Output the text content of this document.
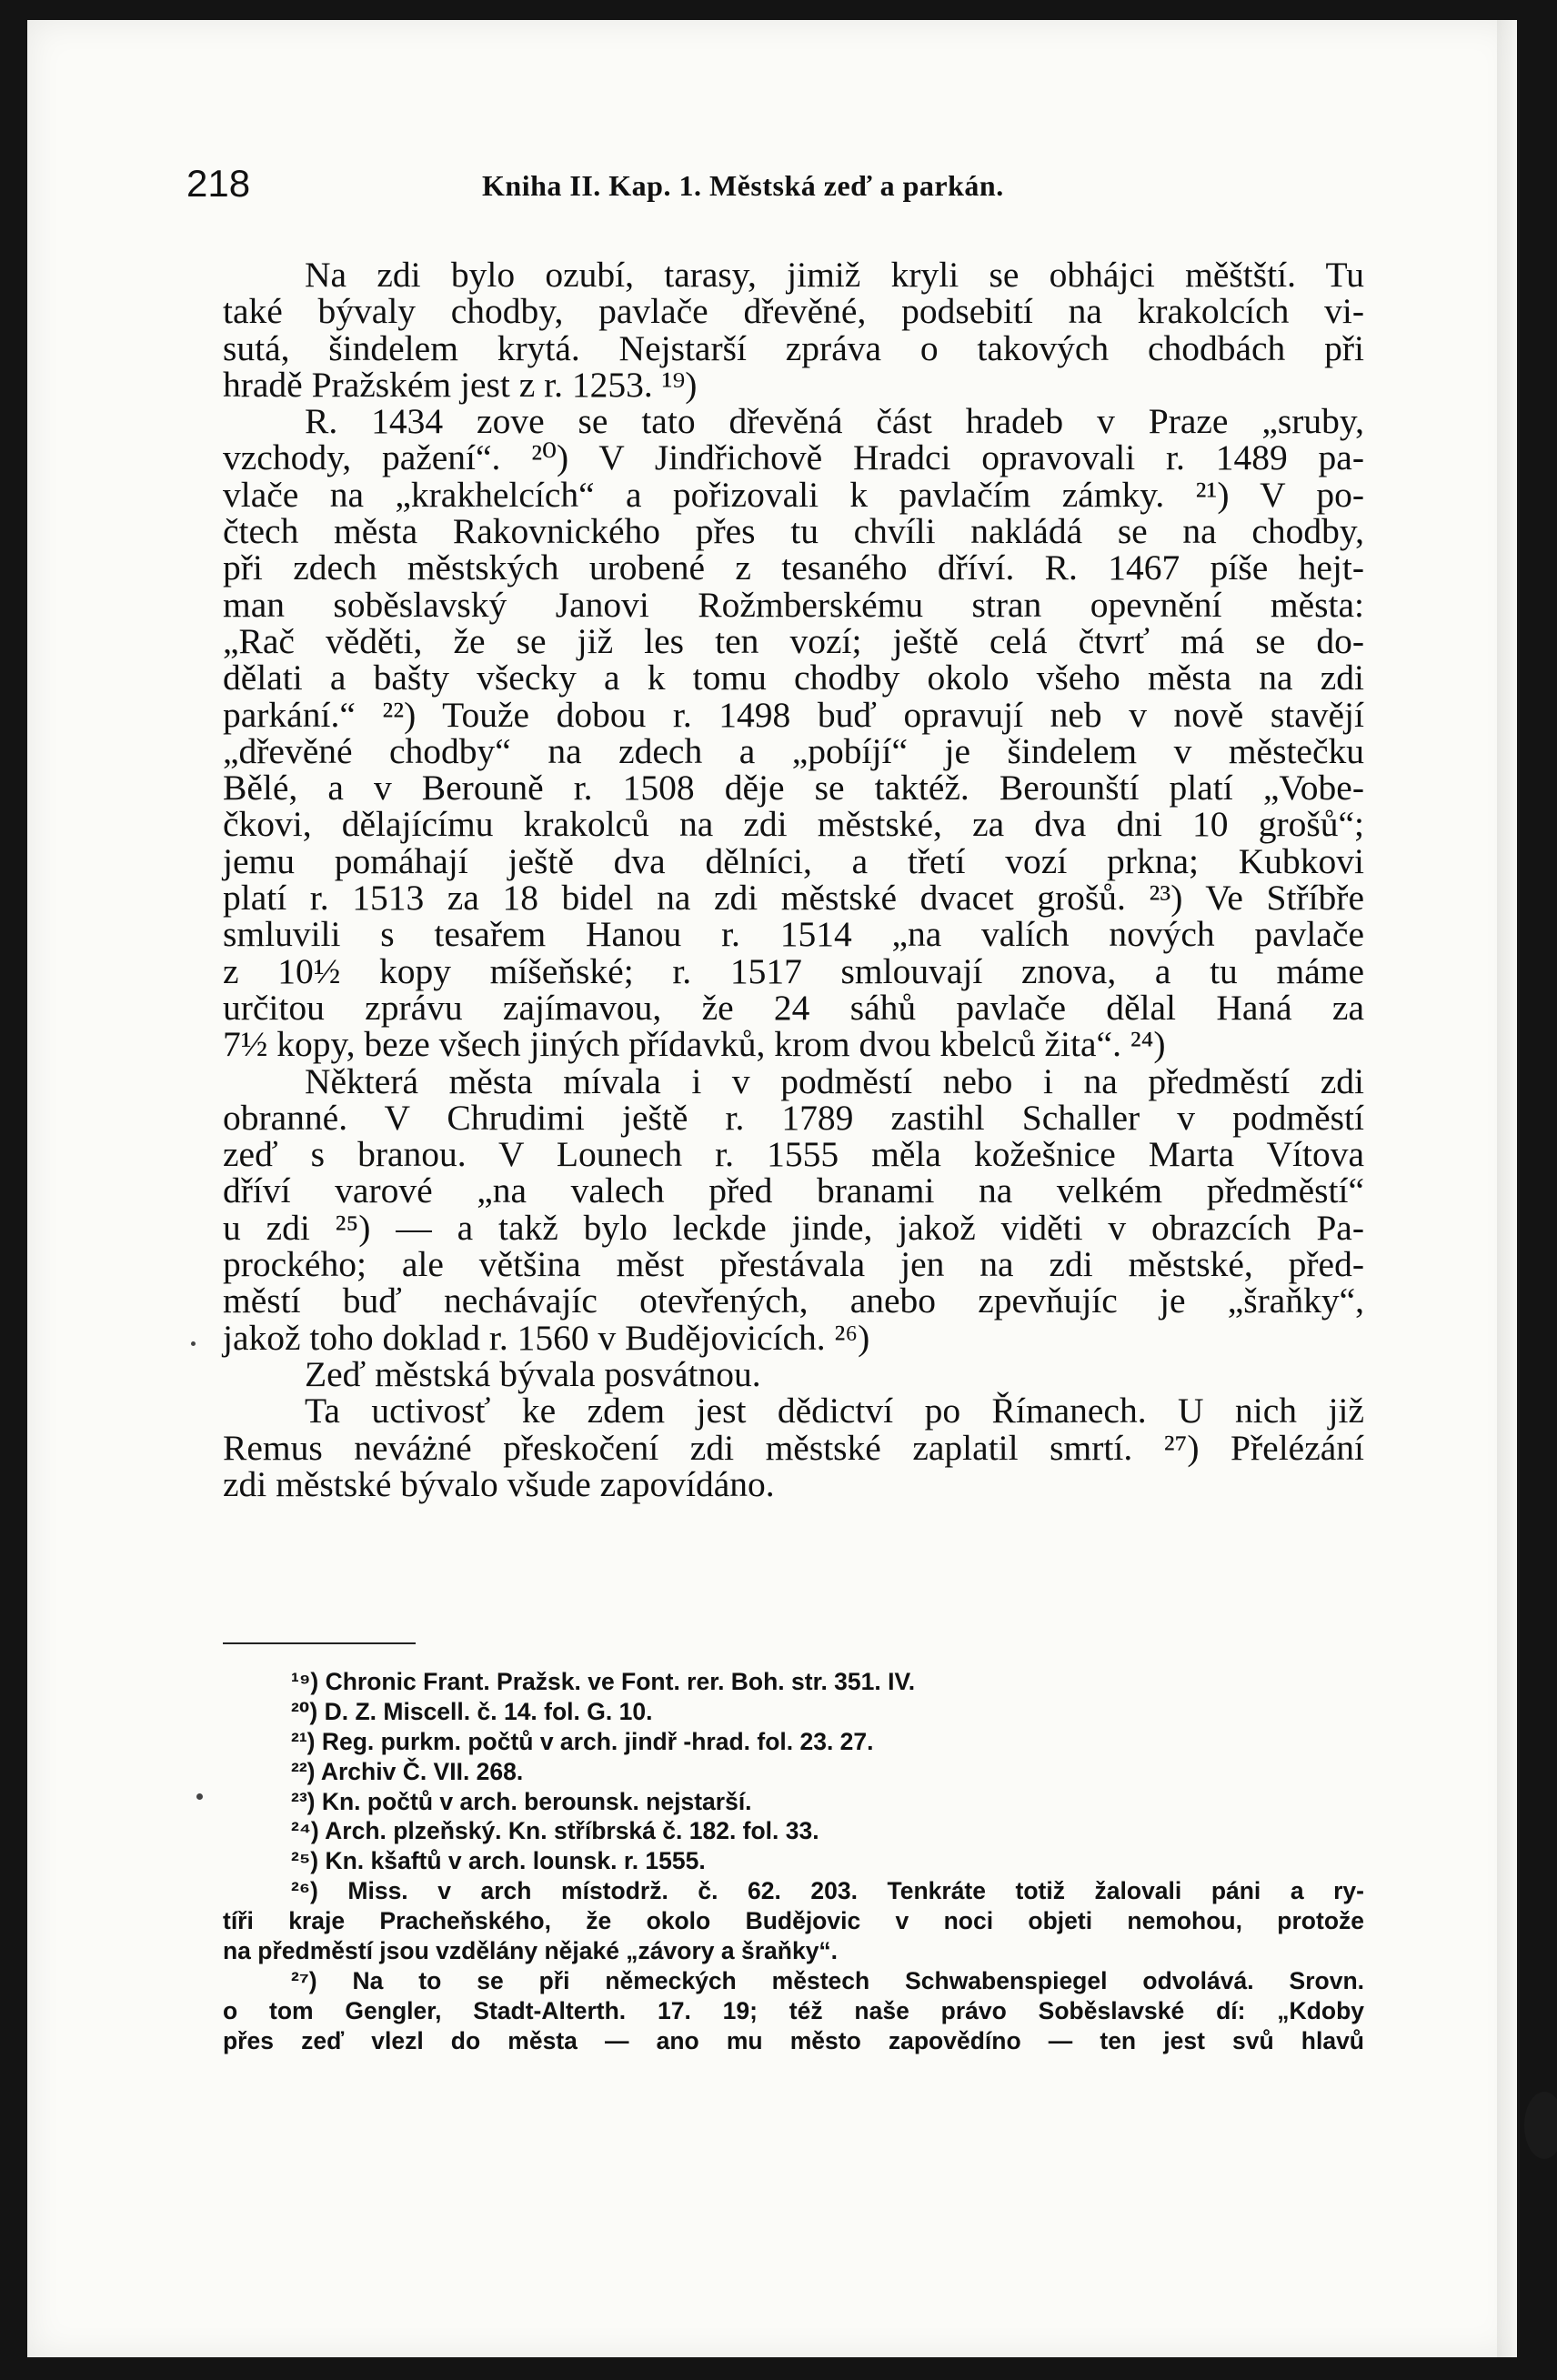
218	Kniha II. Kap. 1. Městská zeď a parkán.
Na zdi bylo ozubí, tarasy, jimiž kryli se obhájci měštští. Tu
také bývaly chodby, pavlače dřevěné, podsebití na krakolcích vi-
sutá, šindelem krytá. Nejstarší zpráva o takových chodbách při
hradě Pražském jest z r. 1253. ¹⁹)
R. 1434 zove se tato dřevěná část hradeb v Praze „sruby,
vzchody, pažení“. ²⁰) V Jindřichově Hradci opravovali r. 1489 pa-
vlače na „krakhelcích“ a pořizovali k pavlačím zámky. ²¹) V po-
čtech města Rakovnického přes tu chvíli nakládá se na chodby,
při zdech městských urobené z tesaného dříví. R. 1467 píše hejt-
man soběslavský Janovi Rožmberskému stran opevnění města:
„Rač věděti, že se již les ten vozí; ještě celá čtvrť má se do-
dělati a bašty všecky a k tomu chodby okolo všeho města na zdi
parkání.“ ²²) Touže dobou r. 1498 buď opravují neb v nově stavějí
„dřevěné chodby“ na zdech a „pobíjí“ je šindelem v městečku
Bělé, a v Berouně r. 1508 děje se taktéž. Berounští platí „Vobe-
čkovi, dělajícímu krakolců na zdi městské, za dva dni 10 grošů“;
jemu pomáhají ještě dva dělníci, a třetí vozí prkna; Kubkovi
platí r. 1513 za 18 bidel na zdi městské dvacet grošů. ²³) Ve Stříbře
smluvili s tesařem Hanou r. 1514 „na valích nových pavlače
z 10½ kopy míšeňské; r. 1517 smlouvají znova, a tu máme
určitou zprávu zajímavou, že 24 sáhů pavlače dělal Haná za
7½ kopy, beze všech jiných přídavků, krom dvou kbelců žita“. ²⁴)
Některá města mívala i v podměstí nebo i na předměstí zdi
obranné. V Chrudimi ještě r. 1789 zastihl Schaller v podměstí
zeď s branou. V Lounech r. 1555 měla kožešnice Marta Vítova
dříví varové „na valech před branami na velkém předměstí“
u zdi ²⁵) — a takž bylo leckde jinde, jakož viděti v obrazcích Pa-
prockého; ale většina měst přestávala jen na zdi městské, před-
městí buď nechávajíc otevřených, anebo zpevňujíc je „šraňky“,
jakož toho doklad r. 1560 v Budějovicích. ²⁶)
Zeď městská bývala posvátnou.
Ta uctivosť ke zdem jest dědictví po Římanech. U nich již
Remus neváżné přeskočení zdi městské zaplatil smrtí. ²⁷) Přelézání
zdi městské bývalo všude zapovídáno.
¹⁹) Chronic Frant. Pražsk. ve Font. rer. Boh. str. 351. IV.
²⁰) D. Z. Miscell. č. 14. fol. G. 10.
²¹) Reg. purkm. počtů v arch. jindř -hrad. fol. 23. 27.
²²) Archiv Č. VII. 268.
²³) Kn. počtů v arch. berounsk. nejstarší.
²⁴) Arch. plzeňský. Kn. stříbrská č. 182. fol. 33.
²⁵) Kn. kšaftů v arch. lounsk. r. 1555.
²⁶) Miss. v arch místodrž. č. 62. 203. Tenkráte totiž žalovali páni a ry-
tíři kraje Pracheňského, že okolo Budějovic v noci objeti nemohou, protože
na předměstí jsou vzdělány nějaké „závory a šraňky“.
²⁷) Na to se při německých městech Schwabenspiegel odvolává. Srovn.
o tom Gengler, Stadt-Alterth. 17. 19; též naše právo Soběslavské dí: „Kdoby
přes zeď vlezl do města — ano mu město zapovědíno — ten jest svů hlavů
